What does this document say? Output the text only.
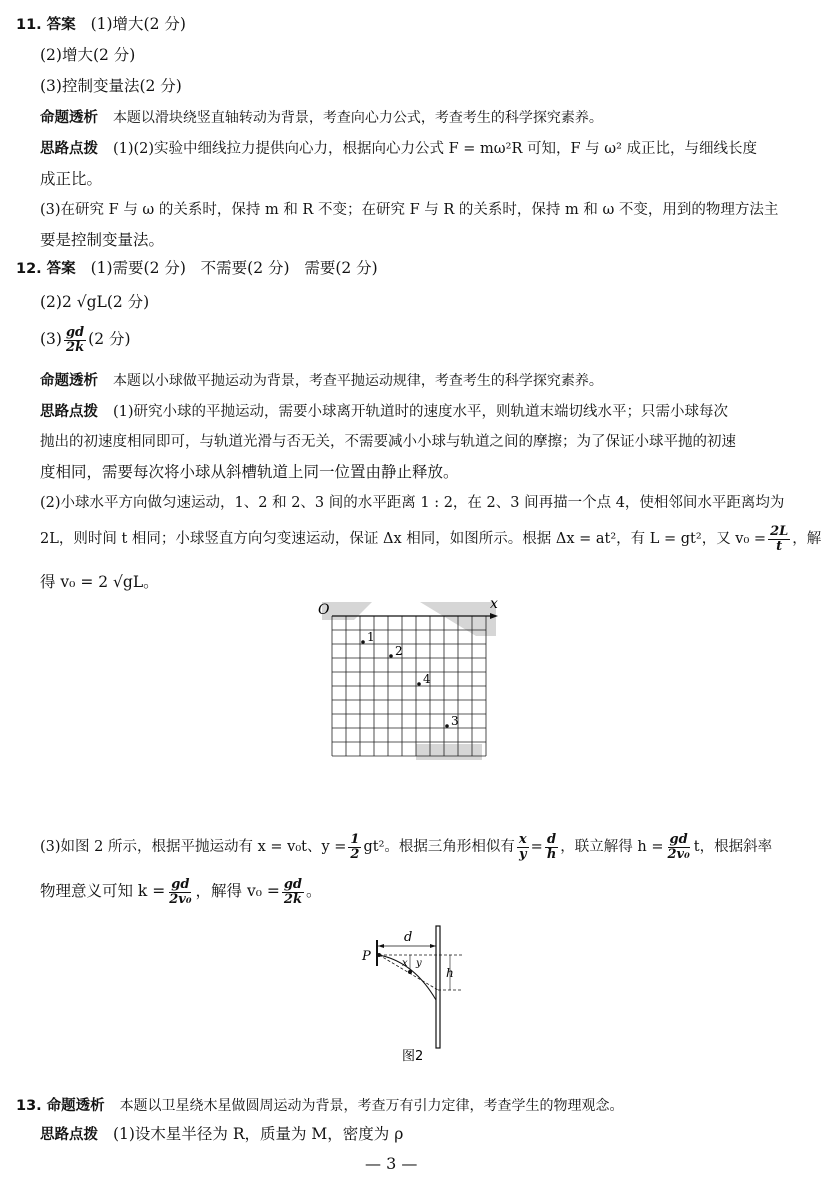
11. 答案 (1)增大(2 分)
(2)增大(2 分)
(3)控制变量法(2 分)
命题透析 本题以滑块绕竖直轴转动为背景，考查向心力公式，考查考生的科学探究素养。
思路点拨 (1)(2)实验中细线拉力提供向心力，根据向心力公式 F = mω²R 可知，F 与 ω² 成正比，与细线长度
成正比。
(3)在研究 F 与 ω 的关系时，保持 m 和 R 不变；在研究 F 与 R 的关系时，保持 m 和 ω 不变，用到的物理方法主
要是控制变量法。
12. 答案 (1)需要(2 分)   不需要(2 分)   需要(2 分)
(2)2 √gL(2 分)
$(3) \frac{gd}{2k} (2$ 分)
命题透析 本题以小球做平抛运动为背景，考查平抛运动规律，考查考生的科学探究素养。
思路点拨 (1)研究小球的平抛运动，需要小球离开轨道时的速度水平，则轨道末端切线水平；只需小球每次
抛出的初速度相同即可，与轨道光滑与否无关，不需要减小小球与轨道之间的摩擦；为了保证小球平抛的初速
度相同，需要每次将小球从斜槽轨道上同一位置由静止释放。
(2)小球水平方向做匀速运动，1、2 和 2、3 间的水平距离 1 : 2，在 2、3 间再描一个点 4，使相邻间水平距离均为
2L，则时间 t 相同；小球竖直方向匀变速运动，保证 Δx 相同，如图所示。根据 Δx = at²，有 L = gt²，又 $v_0 = \frac{2L}{t}$ ，解
得 v₀ = 2 √gL。
O	x
1
2
4
3
(3)如图 2 所示，根据平抛运动有 x = v₀t、$y = \frac{1}{2} gt^2$。根据三角形相似有 $\frac{x}{y} = \frac{d}{h}$ ，联立解得 $h = \frac{gd}{\text{2v₀}}$ t，根据斜率
物理意义可知 $k = \frac{gd}{\text{2v₀}}$ ，解得 $v_0 = \frac{gd}{2k}$ 。
P
d
x y
h
图2
13. 命题透析 本题以卫星绕木星做圆周运动为背景，考查万有引力定律，考查学生的物理观念。
思路点拨 (1)设木星半径为 R，质量为 M，密度为 ρ
— 3 —
